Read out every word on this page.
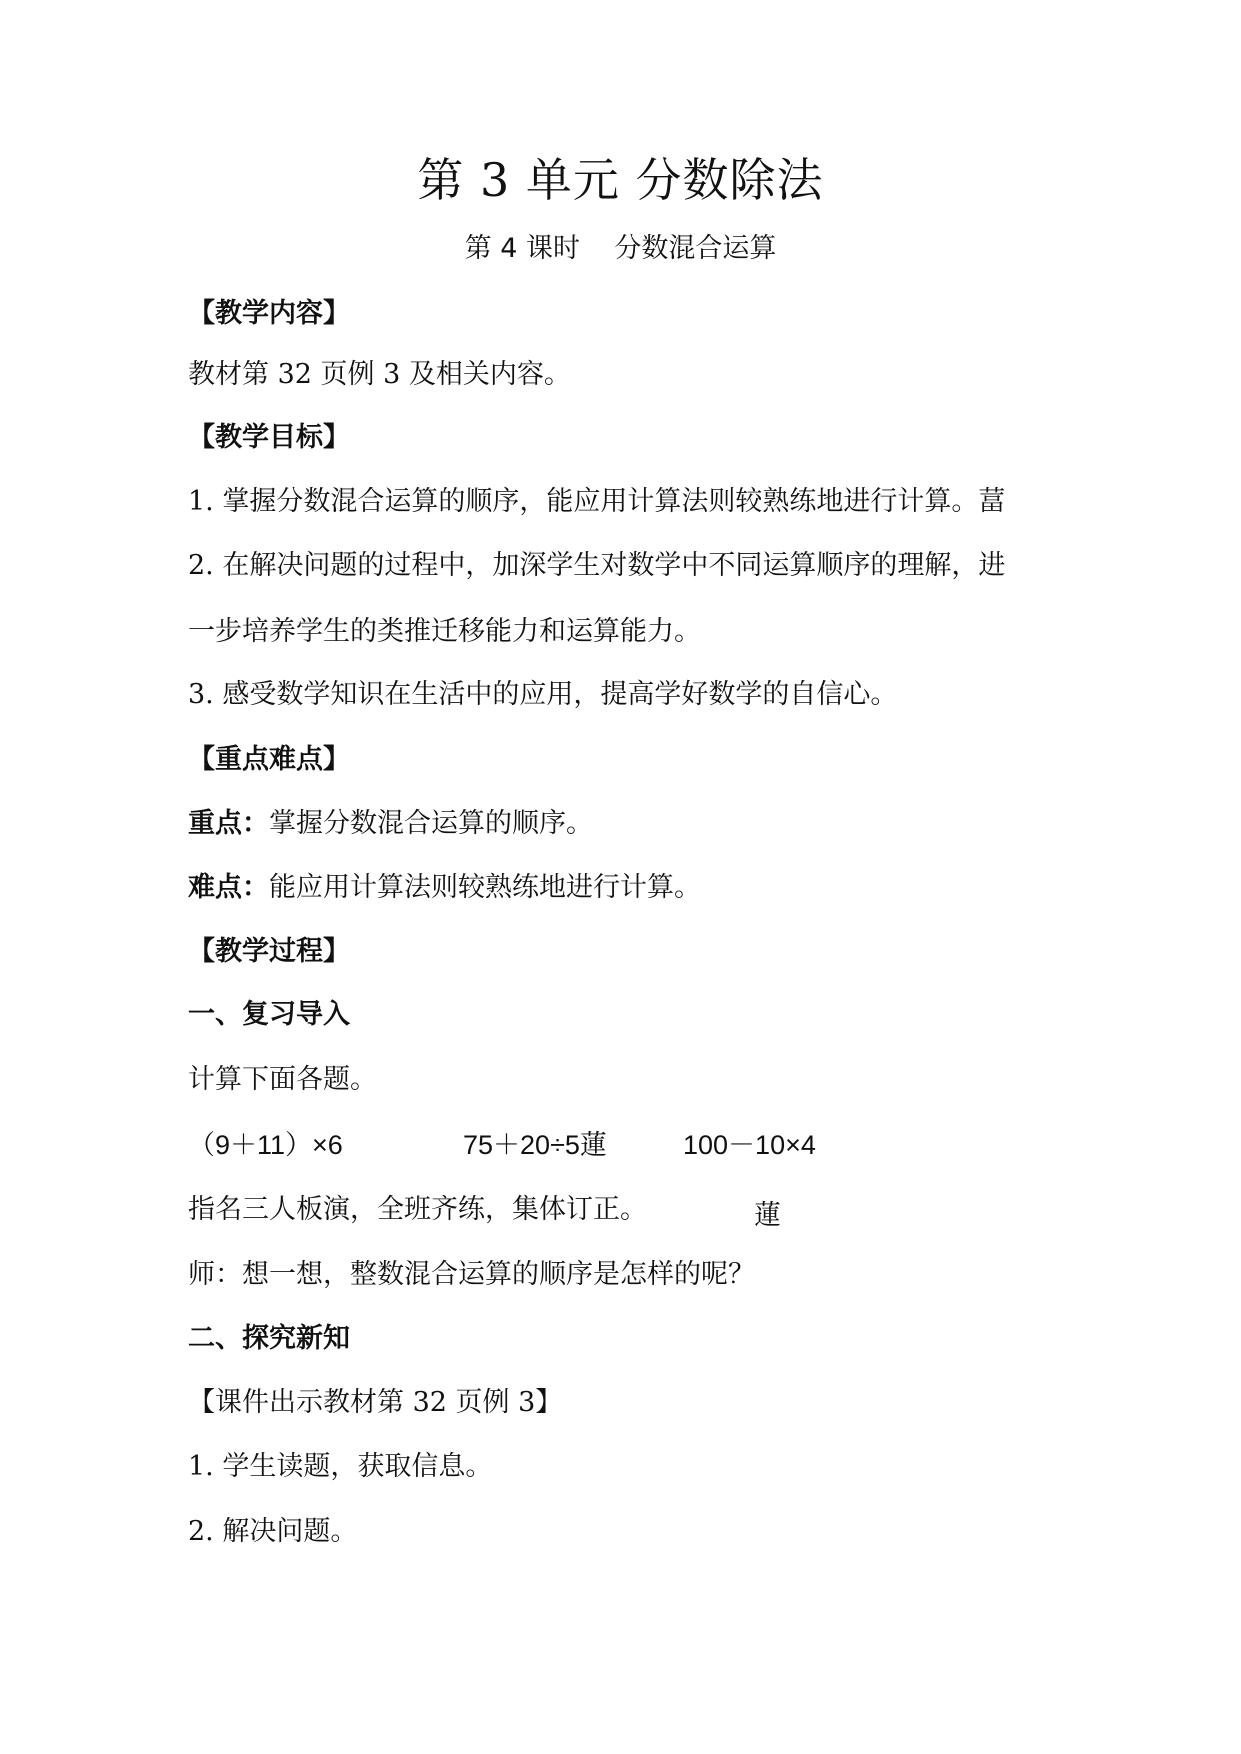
第 3 单元 分数除法
第 4 课时    分数混合运算
【教学内容】
教材第 32 页例 3 及相关内容。
【教学目标】
1. 掌握分数混合运算的顺序，能应用计算法则较熟练地进行计算。葍
2. 在解决问题的过程中，加深学生对数学中不同运算顺序的理解，进
一步培养学生的类推迁移能力和运算能力。
3. 感受数学知识在生活中的应用，提高学好数学的自信心。
【重点难点】
重点：掌握分数混合运算的顺序。
难点：能应用计算法则较熟练地进行计算。
【教学过程】
一、复习导入
计算下面各题。
（9＋11）×6	75＋20÷5蓮	100－10×4
指名三人板演，全班齐练，集体订正。	蓮
师：想一想，整数混合运算的顺序是怎样的呢？
二、探究新知
【课件出示教材第 32 页例 3】
1. 学生读题，获取信息。
2. 解决问题。
